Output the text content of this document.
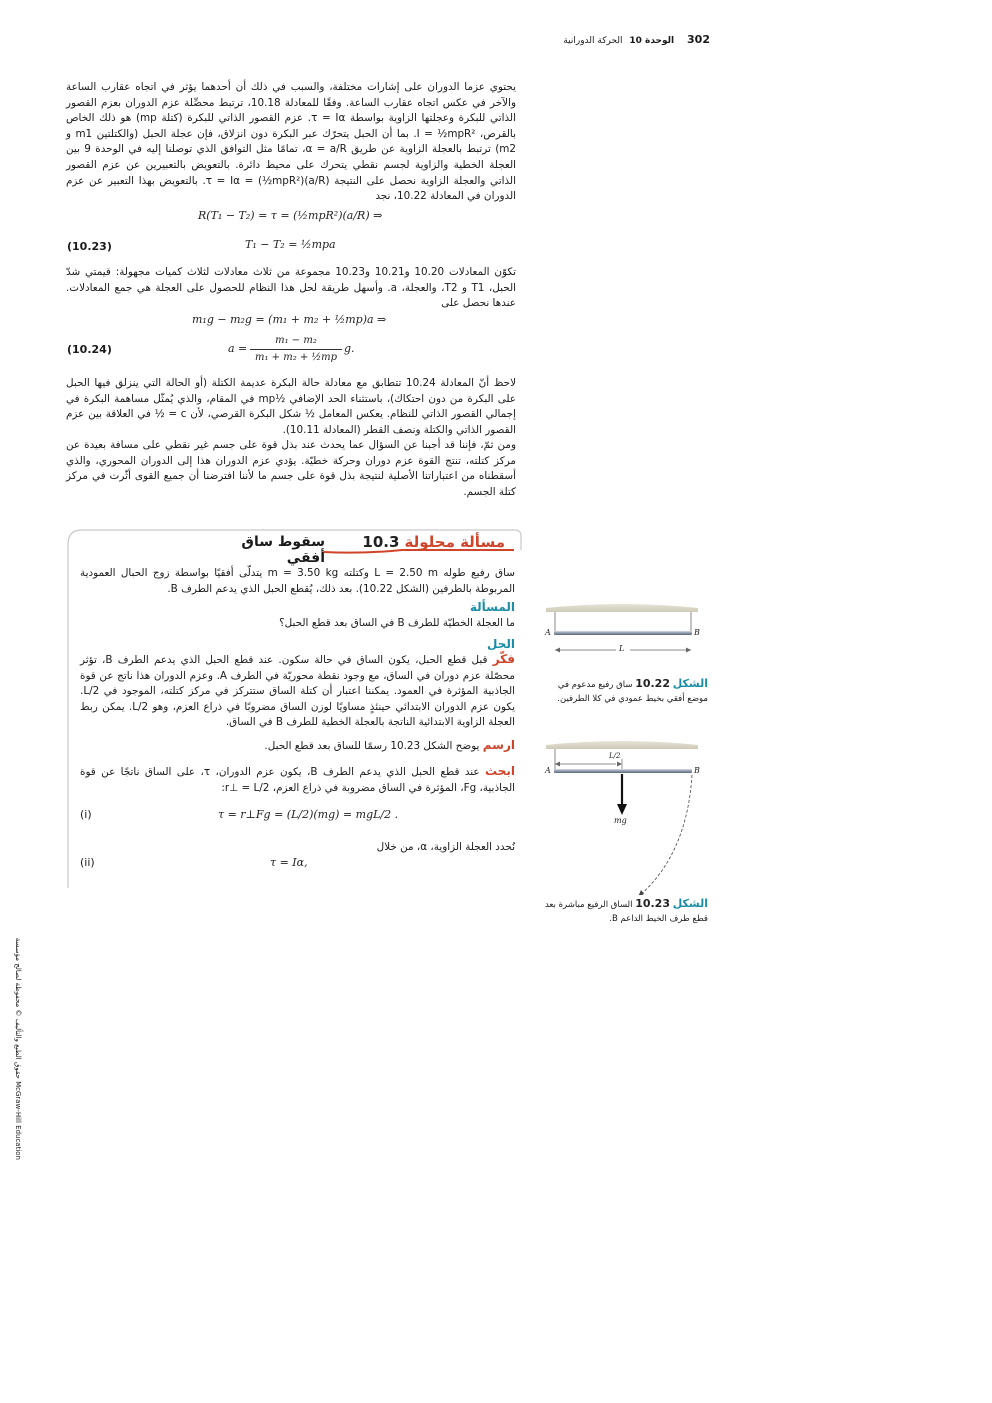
302 الوحدة 10 الحركة الدورانية
McGraw-Hill Education حقوق الطبع والتأليف © محفوظة لصالح مؤسسة
يحتوي عزما الدوران على إشارات مختلفة، والسبب في ذلك أن أحدهما يؤثر في اتجاه عقارب الساعة والآخر في عكس اتجاه عقارب الساعة. وفقًا للمعادلة 10.18، ترتبط محصِّلة عزم الدوران بعزم القصور الذاتي للبكرة وعجلتها الزاوية بواسطة τ = Iα. عزم القصور الذاتي للبكرة (كتلة mp) هو ذلك الخاص بالقرص، I = ½mpR². بما أن الحبل يتحرّك عبر البكرة دون انزلاق، فإن عجلة الحبل (والكتلتين m1 و m2) ترتبط بالعجلة الزاوية عن طريق α = a/R، تمامًا مثل التوافق الذي توصلنا إليه في الوحدة 9 بين العجلة الخطية والزاوية لجسم نقطي يتحرك على محيط دائرة. بالتعويض بالتعبيرين عن عزم القصور الذاتي والعجلة الزاوية نحصل على النتيجة τ = Iα = (½mpR²)(a/R). بالتعويض بهذا التعبير عن عزم الدوران في المعادلة 10.22، نجد
R(T₁ − T₂) = τ = (½mpR²)(a/R) ⇒
T₁ − T₂ = ½mpa
(10.23)
تكوّن المعادلات 10.20 و10.21 و10.23 مجموعة من ثلاث معادلات لثلاث كميات مجهولة: قيمتي شدّ الحبل، T1 و T2، والعجلة، a. وأسهل طريقة لحل هذا النظام للحصول على العجلة هي جمع المعادلات. عندها نحصل على
m₁g − m₂g = (m₁ + m₂ + ½mp)a ⇒
a =
m₁ − m₂
m₁ + m₂ + ½mp
g.
(10.24)
لاحظ أنّ المعادلة 10.24 تتطابق مع معادلة حالة البكرة عديمة الكتلة (أو الحالة التي ينزلق فيها الحبل على البكرة من دون احتكاك)، باستثناء الحد الإضافي ½mp في المقام، والذي يُمثّل مساهمة البكرة في إجمالي القصور الذاتي للنظام. يعكس المعامل ½ شكل البكرة القرصي، لأن c = ½ في العلاقة بين عزم القصور الذاتي والكتلة ونصف القطر (المعادلة 10.11).
ومن ثمّ، فإننا قد أجبنا عن السؤال عما يحدث عند بذل قوة على جسم غير نقطي على مسافة بعيدة عن مركز كتلته، تنتج القوة عزم دوران وحركة خطيّة. يؤدي عزم الدوران هذا إلى الدوران المحوري، والذي أسقطناه من اعتباراتنا الأصلية لنتيجة بذل قوة على جسم ما لأننا افترضنا أن جميع القوى أثّرت في مركز كتلة الجسم.
مسألة محلولة 10.3
سقوط ساق أفقي
ساق رفيع طوله L = 2.50 m وكتلته m = 3.50 kg يتدلّى أفقيًا بواسطة زوج الحبال العمودية المربوطة بالطرفين (الشكل 10.22). بعد ذلك، يُقطع الحبل الذي يدعم الطرف B.
المسألة
ما العجلة الخطيّة للطرف B في الساق بعد قطع الحبل؟
الحل
فكّر قبل قطع الحبل، يكون الساق في حالة سكون. عند قطع الحبل الذي يدعم الطرف B، تؤثر محصّلة عزم دوران في الساق، مع وجود نقطة محوريّة في الطرف A. وعزم الدوران هذا ناتج عن قوة الجاذبية المؤثرة في العمود. يمكننا اعتبار أن كتلة الساق ستتركز في مركز كتلته، الموجود في L/2. يكون عزم الدوران الابتدائي حينئذٍ مساويًا لوزن الساق مضروبًا في ذراع العزم، وهو L/2. يمكن ربط العجلة الزاوية الابتدائية الناتجة بالعجلة الخطية للطرف B في الساق.
ارسم يوضح الشكل 10.23 رسمًا للساق بعد قطع الحبل.
ابحث عند قطع الحبل الذي يدعم الطرف B، يكون عزم الدوران، τ، على الساق ناتجًا عن قوة الجاذبية، Fg، المؤثرة في الساق مضروبة في ذراع العزم، r⊥ = L/2:
τ = r⊥Fg = (L/2)(mg) = mgL/2 .
(i)
نُحدد العجلة الزاوية، α، من خلال
τ = Iα,
(ii)
A	B
L
الشكل 10.22 ساق رفيع مدعوم في موضع أفقي بخيط عمودي في كلا الطرفين.
A	B
L/2
mg
الشكل 10.23 الساق الرفيع مباشرة بعد قطع طرف الخيط الداعم B.
